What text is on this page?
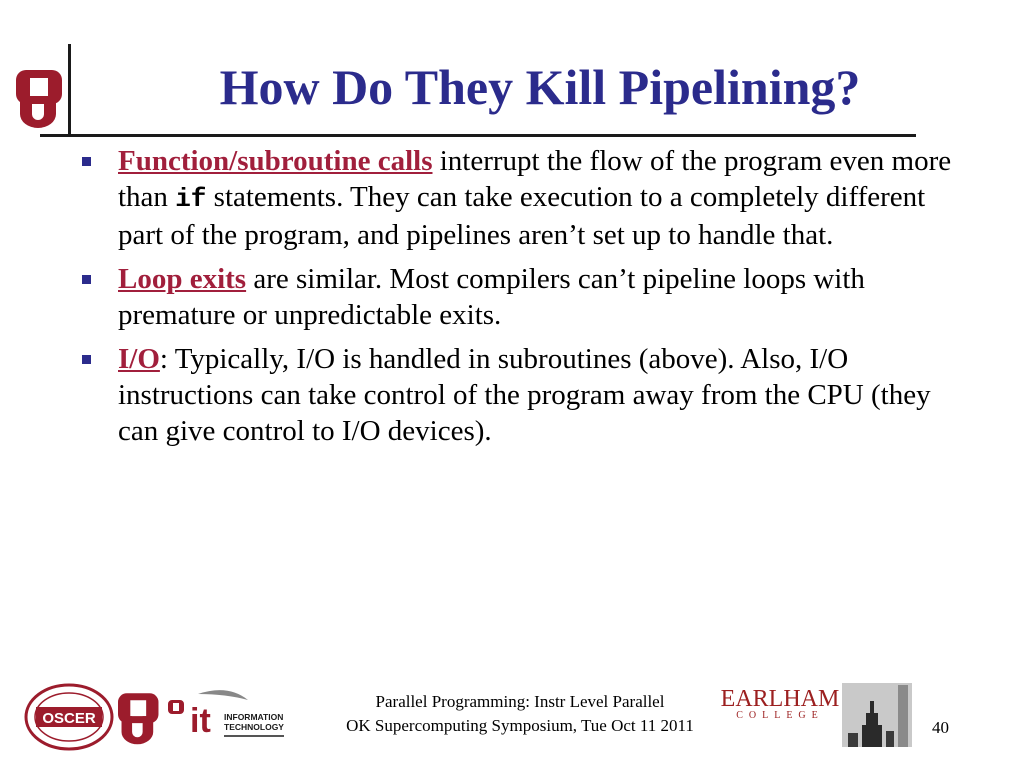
How Do They Kill Pipelining?
Function/subroutine calls interrupt the flow of the program even more than if statements. They can take execution to a completely different part of the program, and pipelines aren’t set up to handle that.
Loop exits are similar. Most compilers can’t pipeline loops with premature or unpredictable exits.
I/O: Typically, I/O is handled in subroutines (above). Also, I/O instructions can take control of the program away from the CPU (they can give control to I/O devices).
OSCER	it INFORMATION
TECHNOLOGY
Parallel Programming: Instr Level Parallel
OK Supercomputing Symposium, Tue Oct 11 2011
EARLHAM
COLLEGE
40
